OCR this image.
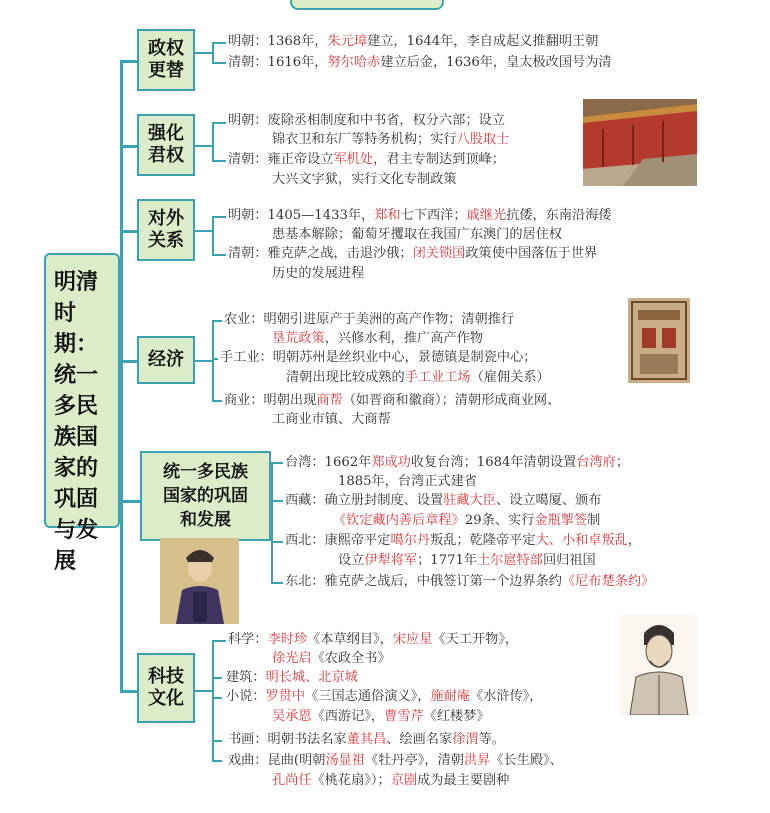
明清时期：统一多民族国家的巩固与发展
政权
更替
强化
君权
对外
关系
经济
统一多民族
国家的巩固
和发展
科技
文化
明朝：1368年，朱元璋建立，1644年，李自成起义推翻明王朝
清朝：1616年，努尔哈赤建立后金，1636年，皇太极改国号为清
明朝：废除丞相制度和中书省，权分六部；设立
锦衣卫和东厂等特务机构；实行八股取士
清朝：雍正帝设立军机处，君主专制达到顶峰；
大兴文字狱，实行文化专制政策
明朝：1405—1433年，郑和七下西洋；戚继光抗倭，东南沿海倭
患基本解除；葡萄牙攫取在我国广东澳门的居住权
清朝：雅克萨之战，击退沙俄；闭关锁国政策使中国落伍于世界
历史的发展进程
农业：明朝引进原产于美洲的高产作物；清朝推行
垦荒政策，兴修水利，推广高产作物
手工业：明朝苏州是丝织业中心，景德镇是制瓷中心；
清朝出现比较成熟的手工业工场（雇佣关系）
商业：明朝出现商帮（如晋商和徽商）；清朝形成商业网、
工商业市镇、大商帮
台湾：1662年郑成功收复台湾；1684年清朝设置台湾府；
1885年，台湾正式建省
西藏：确立册封制度、设置驻藏大臣、设立噶厦、颁布
《钦定藏内善后章程》29条、实行金瓶掣签制
西北：康熙帝平定噶尔丹叛乱；乾隆帝平定大、小和卓叛乱，
设立伊犁将军；1771年土尔扈特部回归祖国
东北：雅克萨之战后，中俄签订第一个边界条约《尼布楚条约》
科学：李时珍《本草纲目》，宋应星《天工开物》，
徐光启《农政全书》
建筑：明长城、北京城
小说：罗贯中《三国志通俗演义》，施耐庵《水浒传》，
吴承恩《西游记》，曹雪芹《红楼梦》
书画：明朝书法名家董其昌、绘画名家徐渭等。
戏曲：昆曲(明朝汤显祖《牡丹亭》，清朝洪昇《长生殿》、
孔尚任《桃花扇》）；京剧成为最主要剧种
